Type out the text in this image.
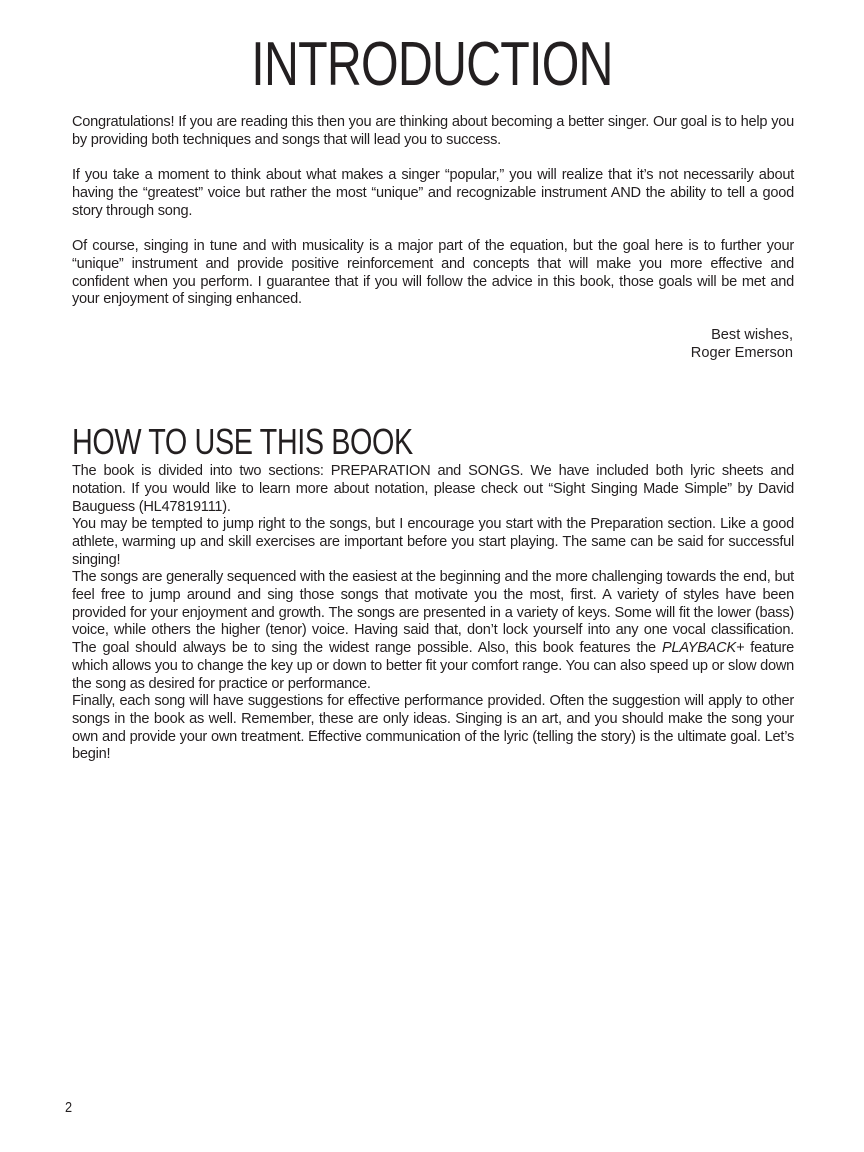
INTRODUCTION

Congratulations! If you are reading this then you are thinking about becoming a better singer. Our goal is to help you by providing both techniques and songs that will lead you to success.

If you take a moment to think about what makes a singer “popular,” you will realize that it’s not necessarily about having the “greatest” voice but rather the most “unique” and recognizable instrument AND the ability to tell a good story through song.

Of course, singing in tune and with musicality is a major part of the equation, but the goal here is to further your “unique” instrument and provide positive reinforcement and concepts that will make you more effective and confident when you perform. I guarantee that if you will follow the advice in this book, those goals will be met and your enjoyment of singing enhanced.

Best wishes,
Roger Emerson
HOW TO USE THIS BOOK

The book is divided into two sections: PREPARATION and SONGS. We have included both lyric sheets and notation. If you would like to learn more about notation, please check out “Sight Singing Made Simple” by David Bauguess (HL47819111).

You may be tempted to jump right to the songs, but I encourage you start with the Preparation section. Like a good athlete, warming up and skill exercises are important before you start playing. The same can be said for successful singing!

The songs are generally sequenced with the easiest at the beginning and the more challenging towards the end, but feel free to jump around and sing those songs that motivate you the most, first. A variety of styles have been provided for your enjoyment and growth. The songs are presented in a variety of keys. Some will fit the lower (bass) voice, while others the higher (tenor) voice. Having said that, don’t lock yourself into any one vocal classification. The goal should always be to sing the widest range possible. Also, this book features the PLAYBACK+ feature which allows you to change the key up or down to better fit your comfort range. You can also speed up or slow down the song as desired for practice or performance.

Finally, each song will have suggestions for effective performance provided. Often the suggestion will apply to other songs in the book as well. Remember, these are only ideas. Singing is an art, and you should make the song your own and provide your own treatment. Effective communication of the lyric (telling the story) is the ultimate goal. Let’s begin!

2
